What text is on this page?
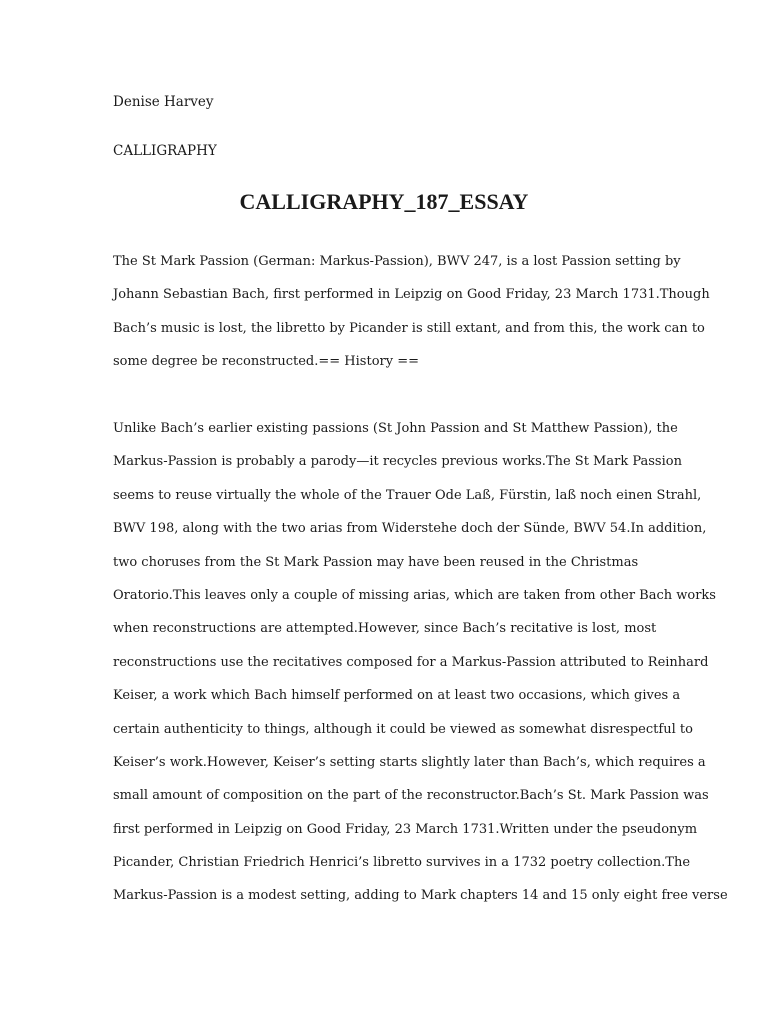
Denise Harvey
CALLIGRAPHY
CALLIGRAPHY_187_ESSAY

The St Mark Passion (German: Markus-Passion), BWV 247, is a lost Passion setting by
Johann Sebastian Bach, first performed in Leipzig on Good Friday, 23 March 1731.Though
Bach’s music is lost, the libretto by Picander is still extant, and from this, the work can to
some degree be reconstructed.== History ==

Unlike Bach’s earlier existing passions (St John Passion and St Matthew Passion), the
Markus-Passion is probably a parody—it recycles previous works.The St Mark Passion
seems to reuse virtually the whole of the Trauer Ode Laß, Fürstin, laß noch einen Strahl,
BWV 198, along with the two arias from Widerstehe doch der Sünde, BWV 54.In addition,
two choruses from the St Mark Passion may have been reused in the Christmas
Oratorio.This leaves only a couple of missing arias, which are taken from other Bach works
when reconstructions are attempted.However, since Bach’s recitative is lost, most
reconstructions use the recitatives composed for a Markus-Passion attributed to Reinhard
Keiser, a work which Bach himself performed on at least two occasions, which gives a
certain authenticity to things, although it could be viewed as somewhat disrespectful to
Keiser’s work.However, Keiser’s setting starts slightly later than Bach’s, which requires a
small amount of composition on the part of the reconstructor.Bach’s St. Mark Passion was
first performed in Leipzig on Good Friday, 23 March 1731.Written under the pseudonym
Picander, Christian Friedrich Henrici’s libretto survives in a 1732 poetry collection.The
Markus-Passion is a modest setting, adding to Mark chapters 14 and 15 only eight free verse
